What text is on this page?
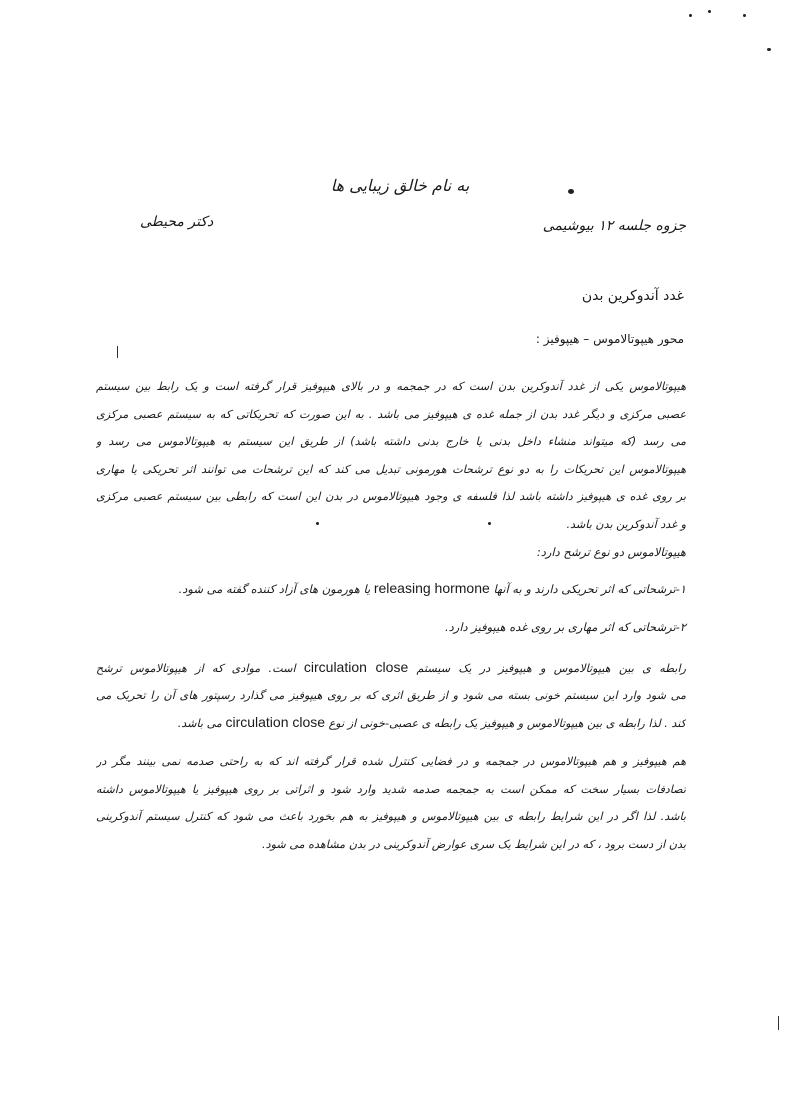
به نام خالق زیبایی ها
دکتر محیطی	جزوه جلسه ۱۲ بیوشیمی
غدد آندوکرین بدن
محور هیپوتالاموس – هیپوفیز :
هیپوتالاموس یکی از غدد آندوکرین بدن است که در جمجمه و در بالای هیپوفیز قرار گرفته است و یک رابط بین سیستم
عصبی مرکزی و دیگر غدد بدن از جمله غده ی هیپوفیز می باشد . به این صورت که تحریکاتی که به سیستم عصبی مرکزی
می رسد (که میتواند منشاء داخل بدنی یا خارج بدنی داشته باشد) از طریق این سیستم به هیپوتالاموس می رسد و
هیپوتالاموس این تحریکات را به دو نوع ترشحات هورمونی تبدیل می کند که این ترشحات می توانند اثر تحریکی یا مهاری
بر روی غده ی هیپوفیز داشته باشد لذا فلسفه ی وجود هیپوتالاموس در بدن این است که رابطی بین سیستم عصبی مرکزی
و غدد آندوکرین بدن باشد.
هیپوتالاموس دو نوع ترشح دارد:
۱-ترشحاتی که اثر تحریکی دارند و به آنها releasing hormone یا هورمون های آزاد کننده گفته می شود.
۲-ترشحاتی که اثر مهاری بر روی غده هیپوفیز دارد.
رابطه ی بین هیپوتالاموس و هیپوفیز در یک سیستم circulation close است. موادی که از هیپوتالاموس ترشح
می شود وارد این سیستم خونی بسته می شود و از طریق اثری که بر روی هیپوفیز می گذارد رسپتور های آن را تحریک می
کند . لذا رابطه ی بین هیپوتالاموس و هیپوفیز یک رابطه ی عصبی-خونی از نوع circulation close می باشد.
هم هیپوفیز و هم هیپوتالاموس در جمجمه و در فضایی کنترل شده قرار گرفته اند که به راحتی صدمه نمی بینند مگر در
تصادفات بسیار سخت که ممکن است به جمجمه صدمه شدید وارد شود و اثراتی بر روی هیپوفیز یا هیپوتالاموس داشته
باشد. لذا اگر در این شرایط رابطه ی بین هیپوتالاموس و هیپوفیز به هم بخورد باعث می شود که کنترل سیستم آندوکرینی
بدن از دست برود ، که در این شرایط یک سری عوارض آندوکرینی در بدن مشاهده می شود.
